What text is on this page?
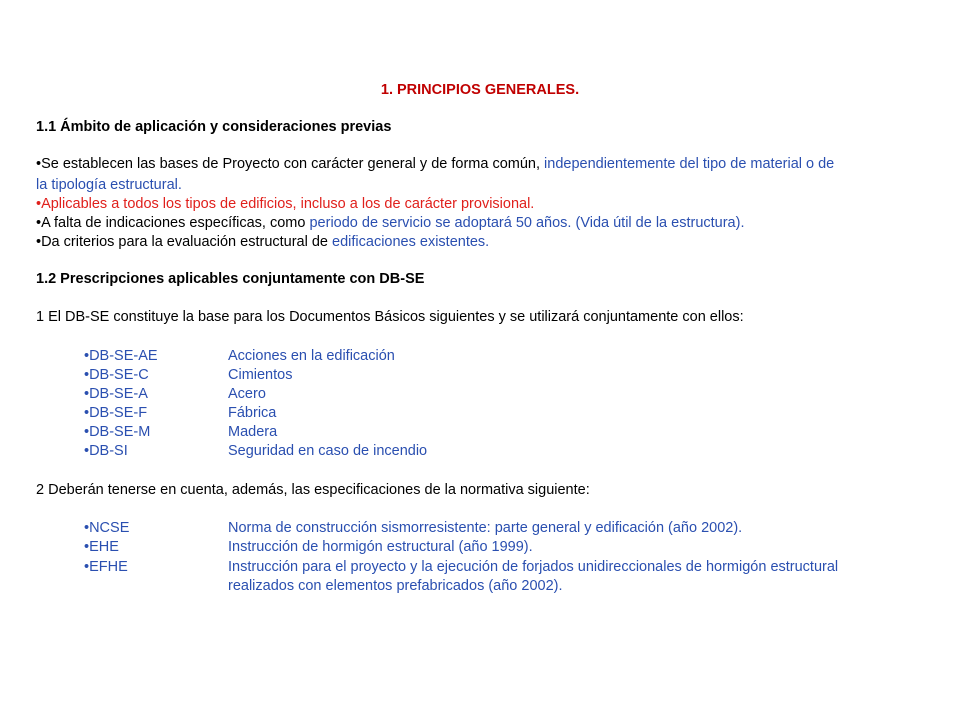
1. PRINCIPIOS GENERALES.
1.1 Ámbito de aplicación y consideraciones previas
•Se establecen las bases de Proyecto con carácter general y de forma común, independientemente del tipo de material o de
la tipología estructural.
•Aplicables a todos los tipos de edificios, incluso a los de carácter provisional.
•A falta de indicaciones específicas, como periodo de servicio se adoptará 50 años. (Vida útil de la estructura).
•Da criterios para la evaluación estructural de edificaciones existentes.
1.2 Prescripciones aplicables conjuntamente con DB-SE
1 El DB-SE constituye la base para los Documentos Básicos siguientes y se utilizará conjuntamente con ellos:
•DB-SE-AE	Acciones en la edificación
•DB-SE-C	Cimientos
•DB-SE-A	Acero
•DB-SE-F	Fábrica
•DB-SE-M	Madera
•DB-SI	Seguridad en caso de incendio
2 Deberán tenerse en cuenta, además, las especificaciones de la normativa siguiente:
•NCSE	Norma de construcción sismorresistente: parte general y edificación (año 2002).
•EHE	Instrucción de hormigón estructural (año 1999).
•EFHE	Instrucción para el proyecto y la ejecución de forjados unidireccionales de hormigón estructural
realizados con elementos prefabricados (año 2002).
